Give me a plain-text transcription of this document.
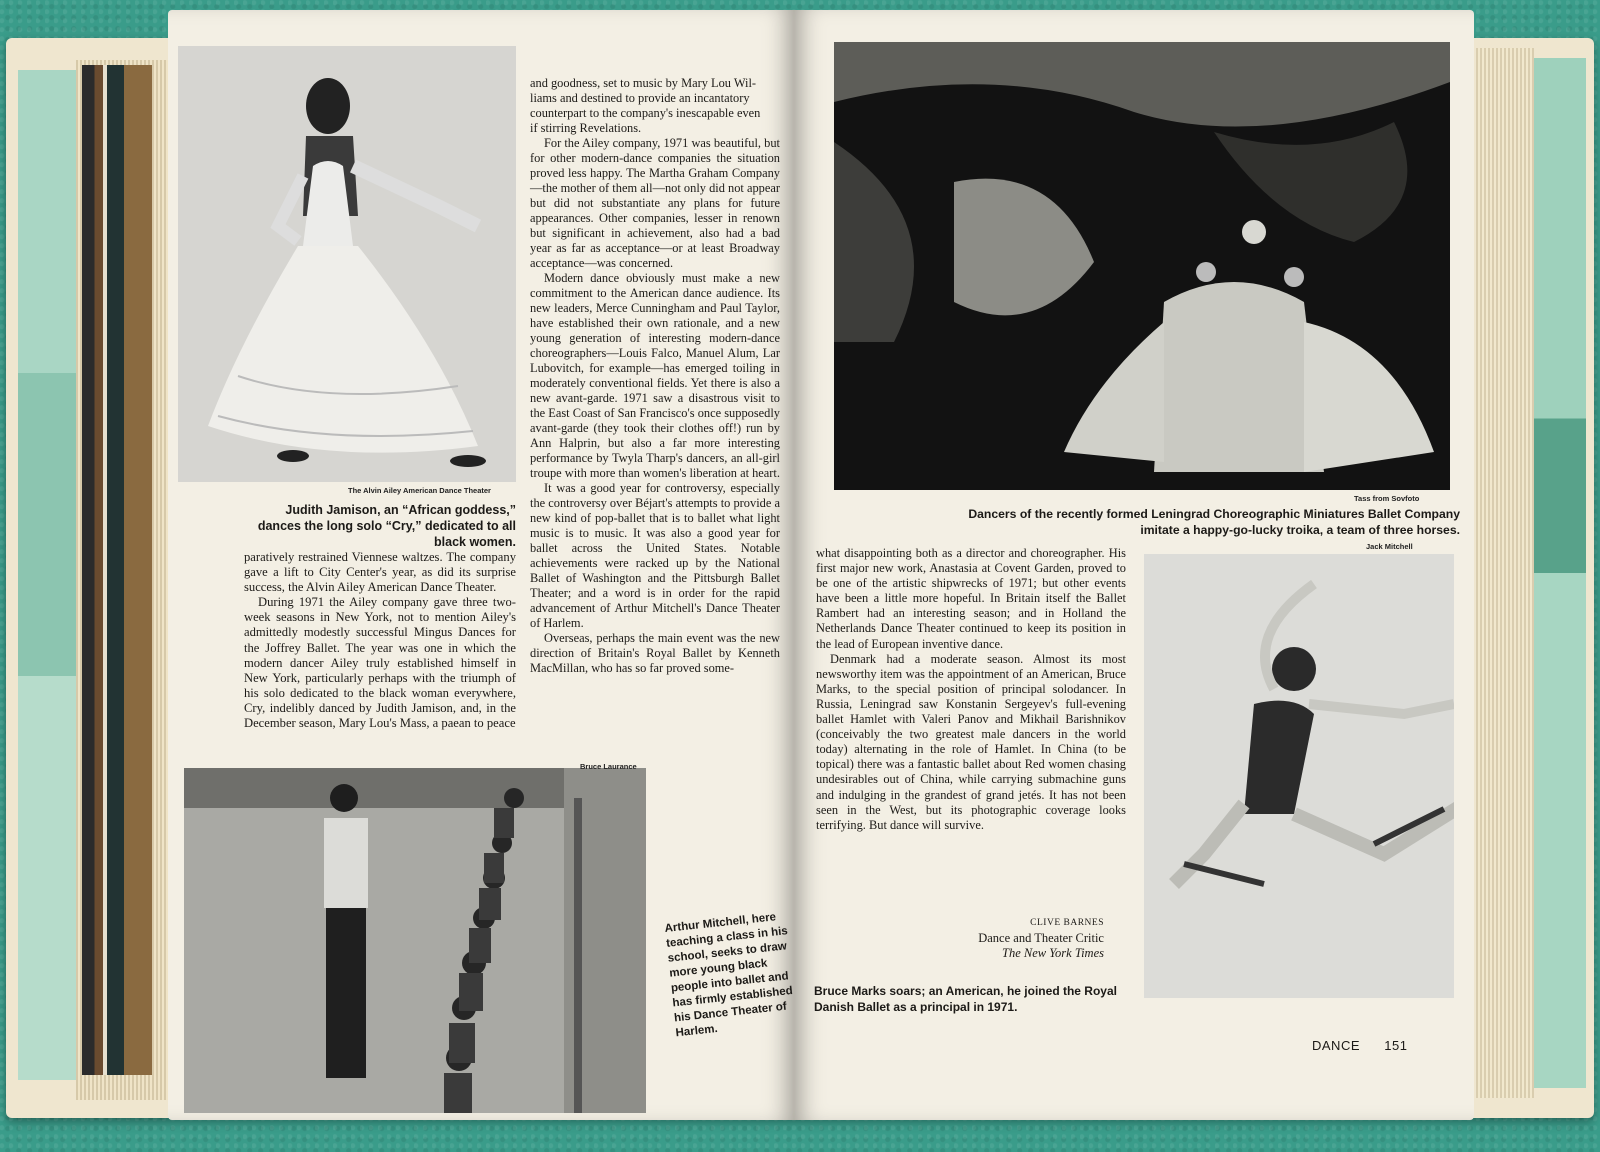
The Alvin Ailey American Dance Theater
Judith Jamison, an “African goddess,” dances the long solo “Cry,” dedicated to all black women.

paratively restrained Viennese waltzes. The company gave a lift to City Center's year, as did its surprise success, the Alvin Ailey American Dance Theater.

During 1971 the Ailey company gave three two-week seasons in New York, not to mention Ailey's admittedly modestly successful Mingus Dances for the Joffrey Ballet. The year was one in which the modern dancer Ailey truly established himself in New York, particularly perhaps with the triumph of his solo dedicated to the black woman everywhere, Cry, indelibly danced by Judith Jamison, and, in the December season, Mary Lou's Mass, a paean to peace

Bruce Laurance
Arthur Mitchell, here teaching a class in his school, seeks to draw more young black people into ballet and has firmly established his Dance Theater of Harlem.

and goodness, set to music by Mary Lou Wil-
liams and destined to provide an incantatory
counterpart to the company's inescapable even
if stirring Revelations.

For the Ailey company, 1971 was beautiful, but for other modern-dance companies the situation proved less happy. The Martha Graham Company—the mother of them all—not only did not appear but did not substantiate any plans for future appearances. Other companies, lesser in renown but significant in achievement, also had a bad year as far as acceptance—or at least Broadway acceptance—was concerned.

Modern dance obviously must make a new commitment to the American dance audience. Its new leaders, Merce Cunningham and Paul Taylor, have established their own rationale, and a new young generation of interesting modern-dance choreographers—Louis Falco, Manuel Alum, Lar Lubovitch, for example—has emerged toiling in moderately conventional fields. Yet there is also a new avant-garde. 1971 saw a disastrous visit to the East Coast of San Francisco's once supposedly avant-garde (they took their clothes off!) run by Ann Halprin, but also a far more interesting performance by Twyla Tharp's dancers, an all-girl troupe with more than women's liberation at heart.

It was a good year for controversy, especially the controversy over Béjart's attempts to provide a new kind of pop-ballet that is to ballet what light music is to music. It was also a good year for ballet across the United States. Notable achievements were racked up by the National Ballet of Washington and the Pittsburgh Ballet Theater; and a word is in order for the rapid advancement of Arthur Mitchell's Dance Theater of Harlem.

Overseas, perhaps the main event was the new direction of Britain's Royal Ballet by Kenneth MacMillan, who has so far proved some-

Tass from Sovfoto
Dancers of the recently formed Leningrad Choreographic Miniatures Ballet Company imitate a happy-go-lucky troika, a team of three horses.
Jack Mitchell

what disappointing both as a director and choreographer. His first major new work, Anastasia at Covent Garden, proved to be one of the artistic shipwrecks of 1971; but other events have been a little more hopeful. In Britain itself the Ballet Rambert had an interesting season; and in Holland the Netherlands Dance Theater continued to keep its position in the lead of European inventive dance.

Denmark had a moderate season. Almost its most newsworthy item was the appointment of an American, Bruce Marks, to the special position of principal solodancer. In Russia, Leningrad saw Konstanin Sergeyev's full-evening ballet Hamlet with Valeri Panov and Mikhail Barishnikov (conceivably the two greatest male dancers in the world today) alternating in the role of Hamlet. In China (to be topical) there was a fantastic ballet about Red women chasing undesirables out of China, while carrying submachine guns and indulging in the grandest of grand jetés. It has not been seen in the West, but its photographic coverage looks terrifying. But dance will survive.

CLIVE BARNES
Dance and Theater Critic
The New York Times
Bruce Marks soars; an American, he joined the Royal Danish Ballet as a principal in 1971.
DANCE 151
